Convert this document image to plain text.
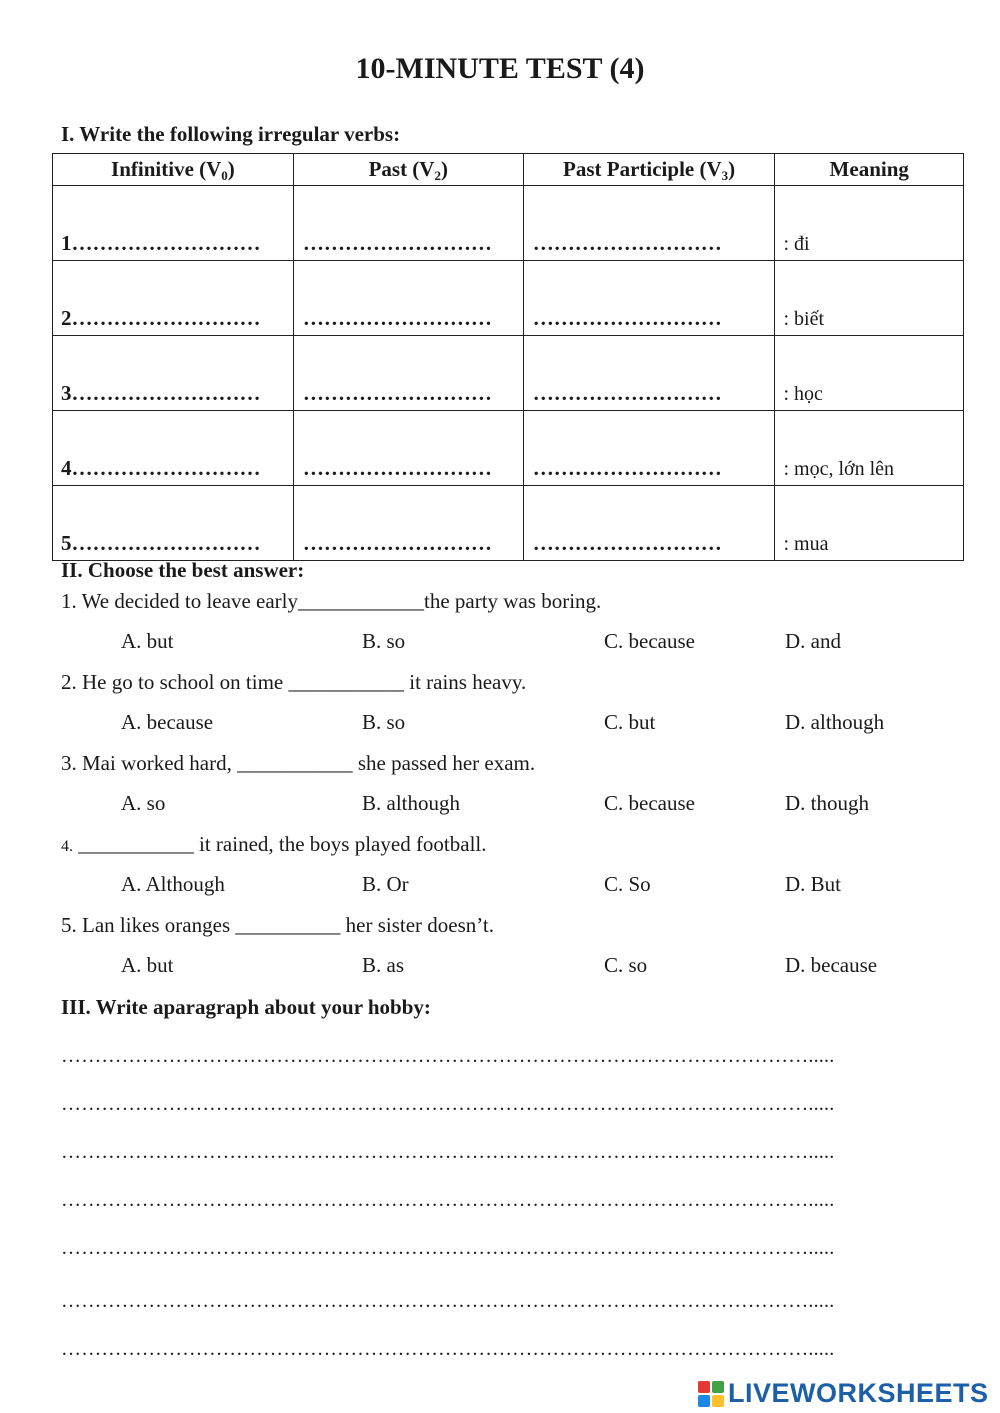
10-MINUTE TEST (4)

I. Write the following irregular verbs:

Infinitive $(V_0)$	Past $(V_2)$	Past Participle $(V_3)$	Meaning
1………………………	………………………	………………………	: đi
2………………………	………………………	………………………	: biết
3………………………	………………………	………………………	: học
4………………………	………………………	………………………	: mọc, lớn lên
5………………………	………………………	………………………	: mua

II. Choose the best answer:

1. We decided to leave early____________the party was boring.

A. but	B. so	C. because	D. and

2. He go to school on time ___________ it rains heavy.

A. because	B. so	C. but	D. although

3. Mai worked hard, ___________ she passed her exam.

A. so	B. although	C. because	D. though

4. ___________ it rained, the boys played football.

A. Although	B. Or	C. So	D. But

5. Lan likes oranges __________ her sister doesn’t.

A. but	B. as	C. so	D. because

III. Write aparagraph about your hobby:

………………………………………………………………………………………………….....
………………………………………………………………………………………………….....
………………………………………………………………………………………………….....
………………………………………………………………………………………………….....
………………………………………………………………………………………………….....
………………………………………………………………………………………………….....
………………………………………………………………………………………………….....
LIVEWORKSHEETS
